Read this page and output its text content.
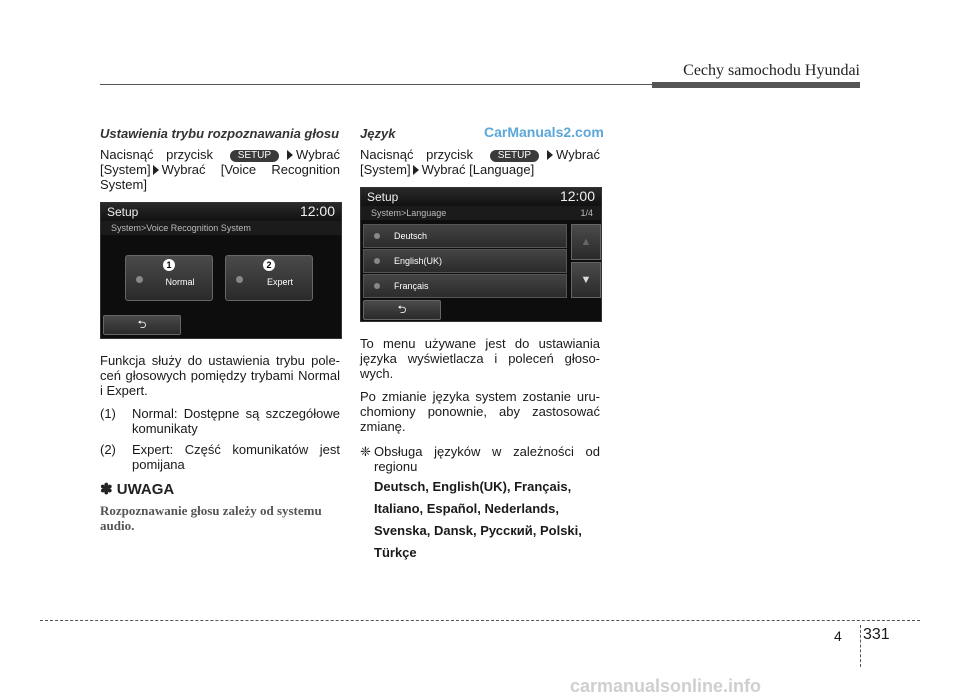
Cechy samochodu Hyundai
Ustawienia trybu rozpoznawania głosu

Nacisnąć przycisk SETUP Wybrać [System] Wybrać [Voice Recognition System]

Setup	12:00
System>Voice Recognition System
1
Normal
2
Expert
⮌

Funkcja służy do ustawienia trybu pole-ceń głosowych pomiędzy trybami Normal i Expert.

(1)	Normal: Dostępne są szczegółowe komunikaty
(2)	Expert: Część komunikatów jest pomijana
✽ UWAGA
Rozpoznawanie głosu zależy od systemu audio.
CarManuals2.com
Język

Nacisnąć przycisk SETUP Wybrać [System] Wybrać [Language]

Setup	12:00
System>Language	1/4
Deutsch
English(UK)
Français
▲
▼
⮌

To menu używane jest do ustawiania języka wyświetlacza i poleceń głoso-wych.

Po zmianie języka system zostanie uru-chomiony ponownie, aby zastosować zmianę.

❈ Obsługa języków w zależności od regionu
Deutsch, English(UK), Français,
Italiano, Español, Nederlands,
Svenska, Dansk, Русский, Polski,
Türkçe
4 331
carmanualsonline.info
